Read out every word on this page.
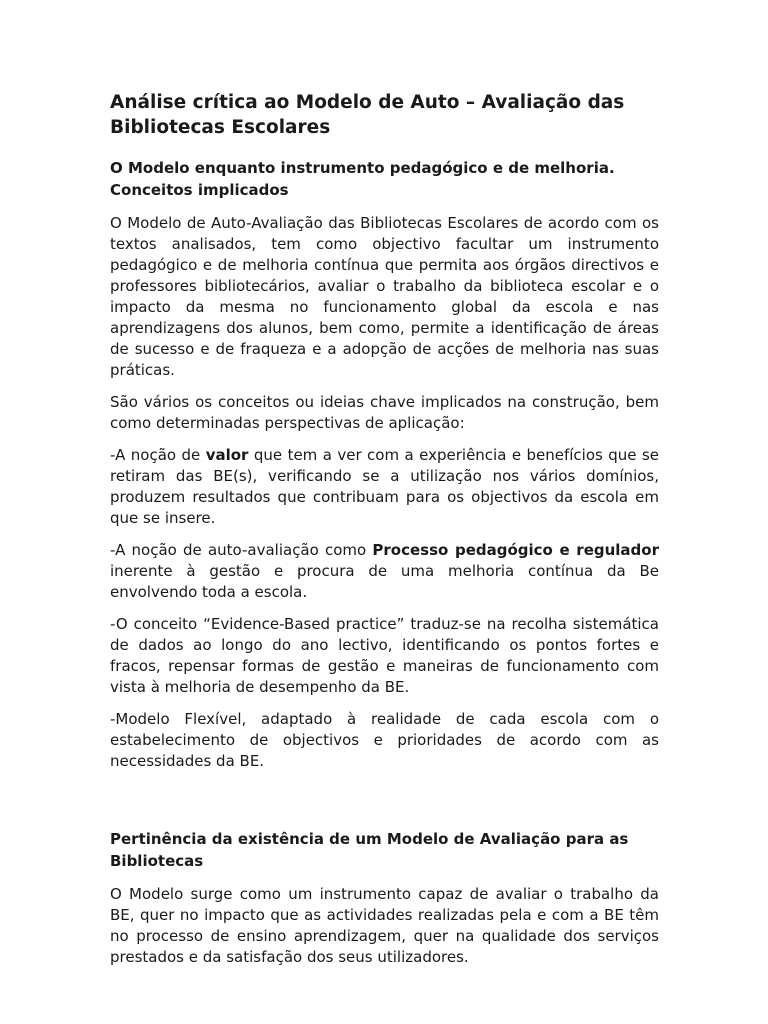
Análise crítica ao Modelo de Auto – Avaliação das Bibliotecas Escolares
O Modelo enquanto instrumento pedagógico e de melhoria. Conceitos implicados

O Modelo de Auto-Avaliação das Bibliotecas Escolares de acordo com os textos analisados, tem como objectivo facultar um instrumento pedagógico e de melhoria contínua que permita aos órgãos directivos e professores bibliotecários, avaliar o trabalho da biblioteca escolar e o impacto da mesma no funcionamento global da escola e nas aprendizagens dos alunos, bem como, permite a identificação de áreas de sucesso e de fraqueza e a adopção de acções de melhoria nas suas práticas.

São vários os conceitos ou ideias chave implicados na construção, bem como determinadas perspectivas de aplicação:

-A noção de valor que tem a ver com a experiência e benefícios que se retiram das BE(s), verificando se a utilização nos vários domínios, produzem resultados que contribuam para os objectivos da escola em que se insere.

-A noção de auto-avaliação como Processo pedagógico e regulador inerente à gestão e procura de uma melhoria contínua da Be envolvendo toda a escola.

-O conceito “Evidence-Based practice” traduz-se na recolha sistemática de dados ao longo do ano lectivo, identificando os pontos fortes e fracos, repensar formas de gestão e maneiras de funcionamento com vista à melhoria de desempenho da BE.

-Modelo Flexível, adaptado à realidade de cada escola com o estabelecimento de objectivos e prioridades de acordo com as necessidades da BE.

Pertinência da existência de um Modelo de Avaliação para as Bibliotecas

O Modelo surge como um instrumento capaz de avaliar o trabalho da BE, quer no impacto que as actividades realizadas pela e com a BE têm no processo de ensino aprendizagem, quer na qualidade dos serviços prestados e da satisfação dos seus utilizadores.
